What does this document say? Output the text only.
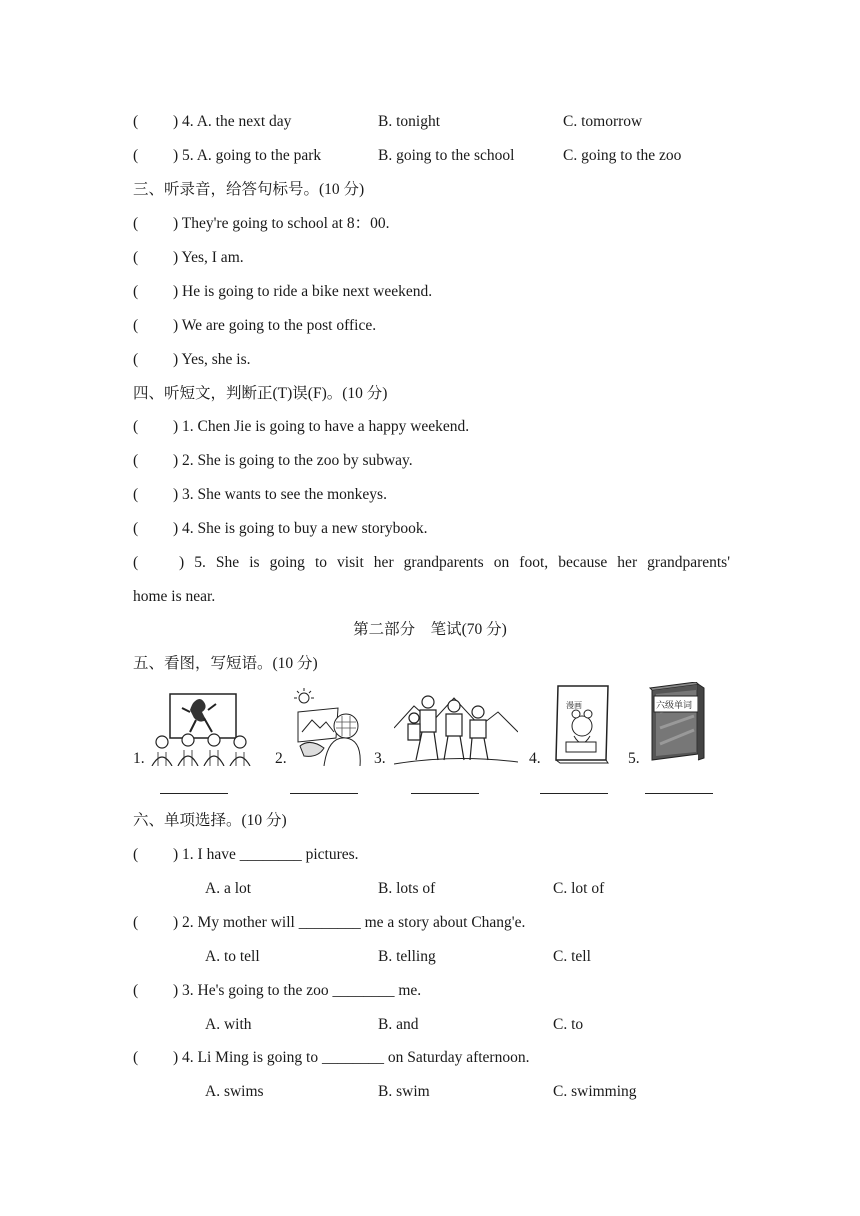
( ) 4. A. the next day	B. tonight	C. tomorrow
( ) 5. A. going to the park	B. going to the school	C. going to the zoo
三、听录音，给答句标号。(10 分)
( ) They're going to school at 8：00.
( ) Yes, I am.
( ) He is going to ride a bike next weekend.
( ) We are going to the post office.
( ) Yes, she is.
四、听短文，判断正(T)误(F)。(10 分)
( ) 1. Chen Jie is going to have a happy weekend.
( ) 2. She is going to the zoo by subway.
( ) 3. She wants to see the monkeys.
( ) 4. She is going to buy a new storybook.
(	) 5. She is going to visit her grandparents on foot, because her grandparents'
home is near.
第二部分　笔试(70 分)
五、看图，写短语。(10 分)
1.	2.	3.	4.	5.
漫画	六级单词
六、单项选择。(10 分)
( ) 1. I have ________ pictures.
A. a lot	B. lots of	C. lot of
( ) 2. My mother will ________ me a story about Chang'e.
A. to tell	B. telling	C. tell
( ) 3. He's going to the zoo ________ me.
A. with	B. and	C. to
( ) 4. Li Ming is going to ________ on Saturday afternoon.
A. swims	B. swim	C. swimming
